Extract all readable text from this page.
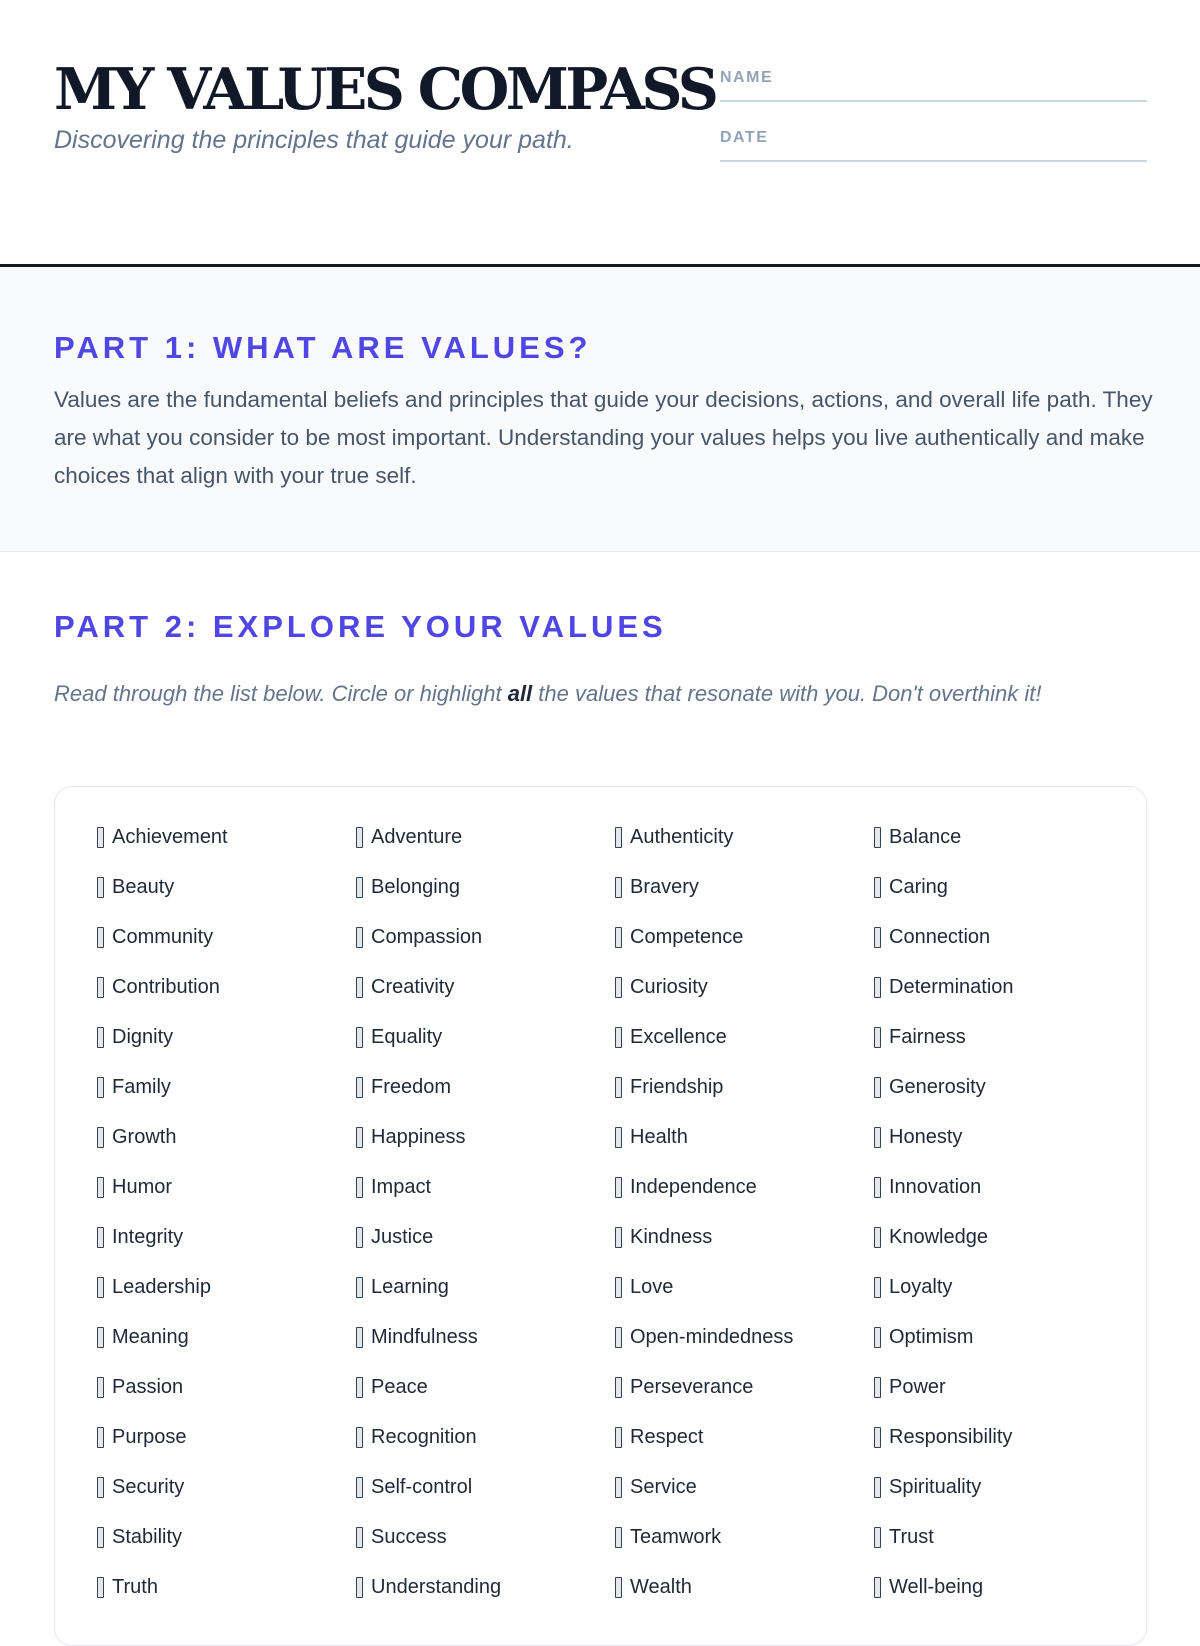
MY VALUES COMPASS

Discovering the principles that guide your path.

NAME
DATE
PART 1: WHAT ARE VALUES?

Values are the fundamental beliefs and principles that guide your decisions, actions, and overall life path. They are what you consider to be most important. Understanding your values helps you live authentically and make choices that align with your true self.

PART 2: EXPLORE YOUR VALUES

Read through the list below. Circle or highlight all the values that resonate with you. Don't overthink it!

Achievement	Adventure	Authenticity	Balance
Beauty	Belonging	Bravery	Caring
Community	Compassion	Competence	Connection
Contribution	Creativity	Curiosity	Determination
Dignity	Equality	Excellence	Fairness
Family	Freedom	Friendship	Generosity
Growth	Happiness	Health	Honesty
Humor	Impact	Independence	Innovation
Integrity	Justice	Kindness	Knowledge
Leadership	Learning	Love	Loyalty
Meaning	Mindfulness	Open-mindedness	Optimism
Passion	Peace	Perseverance	Power
Purpose	Recognition	Respect	Responsibility
Security	Self-control	Service	Spirituality
Stability	Success	Teamwork	Trust
Truth	Understanding	Wealth	Well-being
